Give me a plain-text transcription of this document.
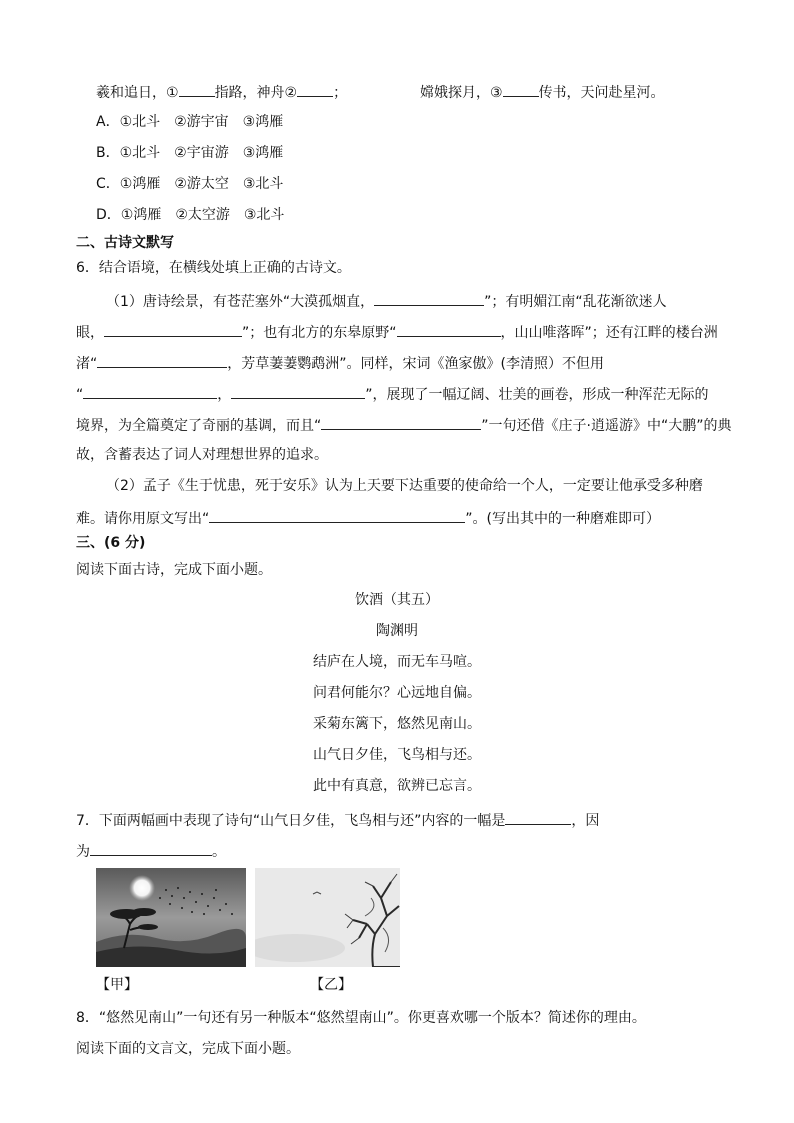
羲和追日，①	指路，神舟②	；	嫦娥探月，③	传书，天问赴星河。
A．①北斗　②游宇宙　③鸿雁
B．①北斗　②宇宙游　③鸿雁
C．①鸿雁　②游太空　③北斗
D．①鸿雁　②太空游　③北斗
二、古诗文默写
6．结合语境，在横线处填上正确的古诗文。
（1）唐诗绘景，有苍茫塞外“大漠孤烟直，	”；有明媚江南“乱花渐欲迷人
眼，	”；也有北方的东皋原野“	，山山唯落晖”；还有江畔的楼台洲
渚“	，芳草萋萋鹦鹉洲”。同样，宋词《渔家傲》(李清照）不但用
“	，	”，展现了一幅辽阔、壮美的画卷，形成一种浑茫无际的
境界，为全篇奠定了奇丽的基调，而且“	”一句还借《庄子·逍遥游》中“大鹏”的典
故，含蓄表达了词人对理想世界的追求。
（2）孟子《生于忧患，死于安乐》认为上天要下达重要的使命给一个人，一定要让他承受多种磨
难。请你用原文写出“	”。(写出其中的一种磨难即可）
三、(6 分)
阅读下面古诗，完成下面小题。
饮酒（其五）
陶渊明
结庐在人境，而无车马喧。
问君何能尔？心远地自偏。
采菊东篱下，悠然见南山。
山气日夕佳，飞鸟相与还。
此中有真意，欲辨已忘言。
7．下面两幅画中表现了诗句“山气日夕佳，飞鸟相与还”内容的一幅是	，因
为	。
【甲】	【乙】
8．“悠然见南山”一句还有另一种版本“悠然望南山”。你更喜欢哪一个版本？简述你的理由。
阅读下面的文言文，完成下面小题。
